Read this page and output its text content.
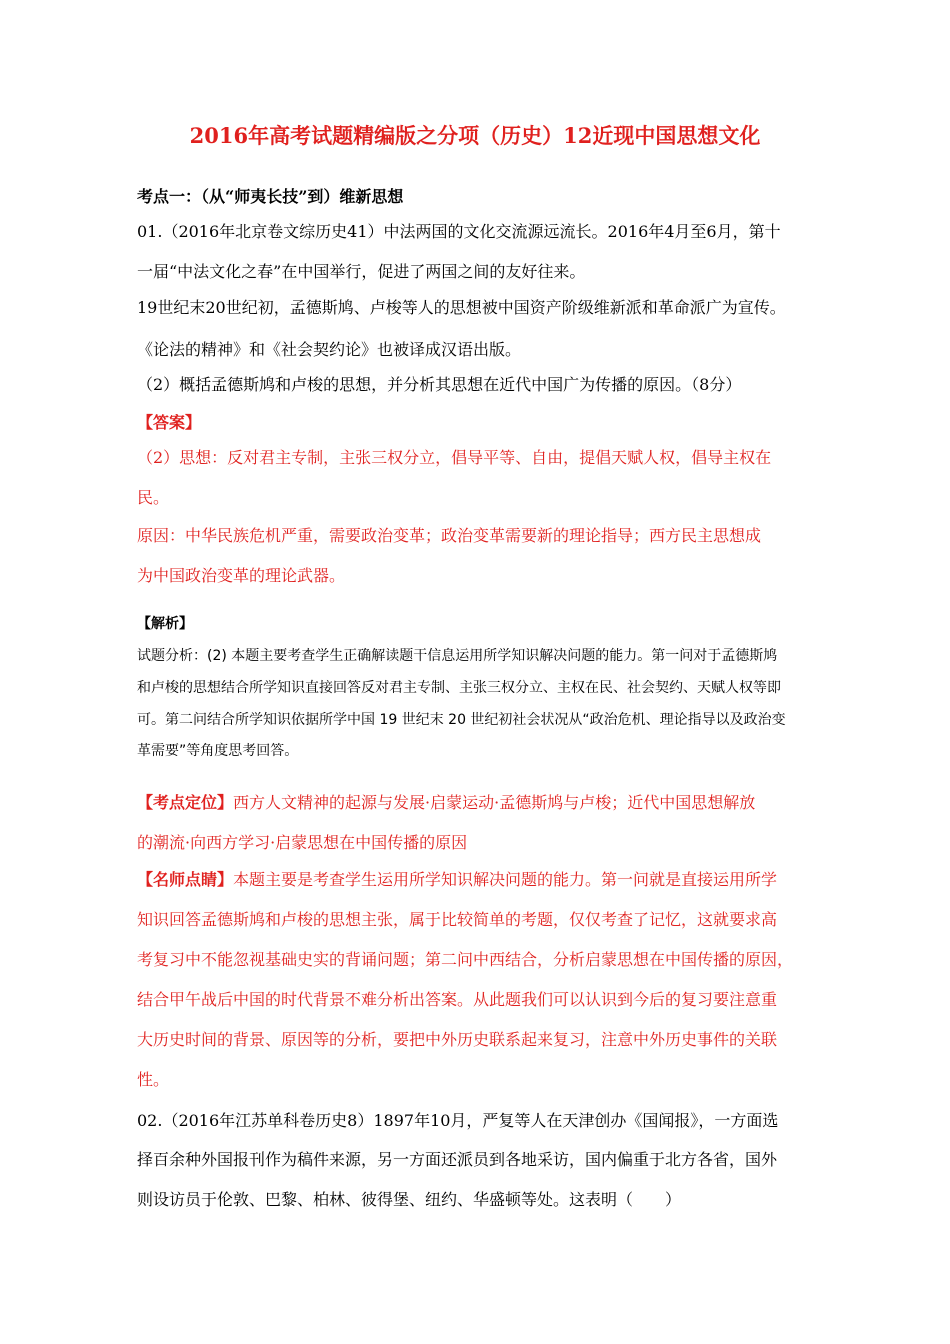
2016年高考试题精编版之分项（历史）12近现中国思想文化
考点一：（从“师夷长技”到）维新思想
01.（2016年北京卷文综历史41）中法两国的文化交流源远流长。2016年4月至6月，第十
一届“中法文化之春”在中国举行，促进了两国之间的友好往来。
19世纪末20世纪初，孟德斯鸠、卢梭等人的思想被中国资产阶级维新派和革命派广为宣传。
《论法的精神》和《社会契约论》也被译成汉语出版。
（2）概括孟德斯鸠和卢梭的思想，并分析其思想在近代中国广为传播的原因。（8分）
【答案】
（2）思想：反对君主专制，主张三权分立，倡导平等、自由，提倡天赋人权，倡导主权在
民。
原因：中华民族危机严重，需要政治变革；政治变革需要新的理论指导；西方民主思想成
为中国政治变革的理论武器。
【解析】
试题分析：(2) 本题主要考查学生正确解读题干信息运用所学知识解决问题的能力。第一问对于孟德斯鸠
和卢梭的思想结合所学知识直接回答反对君主专制、主张三权分立、主权在民、社会契约、天赋人权等即
可。第二问结合所学知识依据所学中国 19 世纪末 20 世纪初社会状况从“政治危机、理论指导以及政治变
革需要”等角度思考回答。
【考点定位】西方人文精神的起源与发展·启蒙运动·孟德斯鸠与卢梭；近代中国思想解放
的潮流·向西方学习·启蒙思想在中国传播的原因
【名师点睛】本题主要是考查学生运用所学知识解决问题的能力。第一问就是直接运用所学
知识回答孟德斯鸠和卢梭的思想主张，属于比较简单的考题，仅仅考查了记忆，这就要求高
考复习中不能忽视基础史实的背诵问题；第二问中西结合，分析启蒙思想在中国传播的原因，
结合甲午战后中国的时代背景不难分析出答案。从此题我们可以认识到今后的复习要注意重
大历史时间的背景、原因等的分析，要把中外历史联系起来复习，注意中外历史事件的关联
性。
02.（2016年江苏单科卷历史8）1897年10月，严复等人在天津创办《国闻报》，一方面选
择百余种外国报刊作为稿件来源，另一方面还派员到各地采访，国内偏重于北方各省，国外
则设访员于伦敦、巴黎、柏林、彼得堡、纽约、华盛顿等处。这表明（　　）
